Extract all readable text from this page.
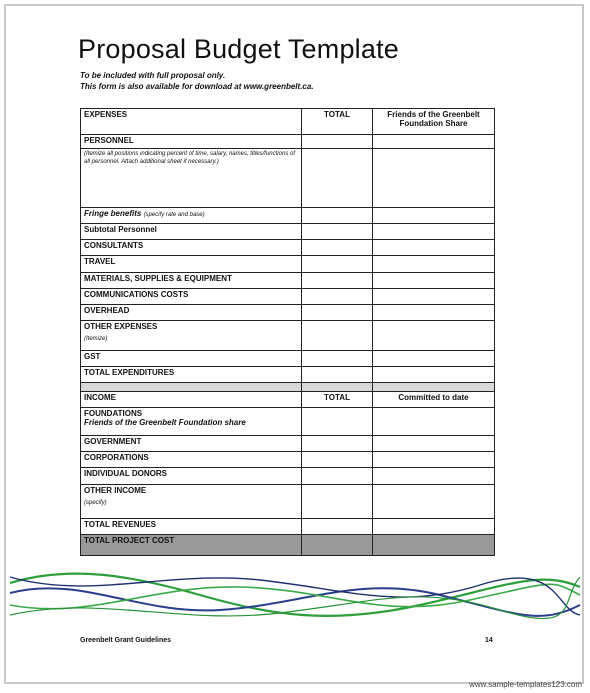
Proposal Budget Template
To be included with full proposal only.
This form is also available for download at www.greenbelt.ca.
EXPENSES	TOTAL	Friends of the Greenbelt Foundation Share
PERSONNEL		

(Itemize all positions indicating percent of time, salary, names, titles/functions of all personnel. Attach additional sheet if necessary.)		

Fringe benefits (specify rate and base)		
Subtotal Personnel		
CONSULTANTS		
TRAVEL		
MATERIALS, SUPPLIES & EQUIPMENT		
COMMUNICATIONS COSTS		
OVERHEAD		

OTHER EXPENSES
(Itemize)		

GST		
TOTAL EXPENDITURES		

INCOME	TOTAL	Committed to date

FOUNDATIONS
Friends of the Greenbelt Foundation share		

GOVERNMENT		
CORPORATIONS		
INDIVIDUAL DONORS		

OTHER INCOME
(specify)		

TOTAL REVENUES		
TOTAL PROJECT COST		
Greenbelt Grant Guidelines	14
www.sample-templates123.com
